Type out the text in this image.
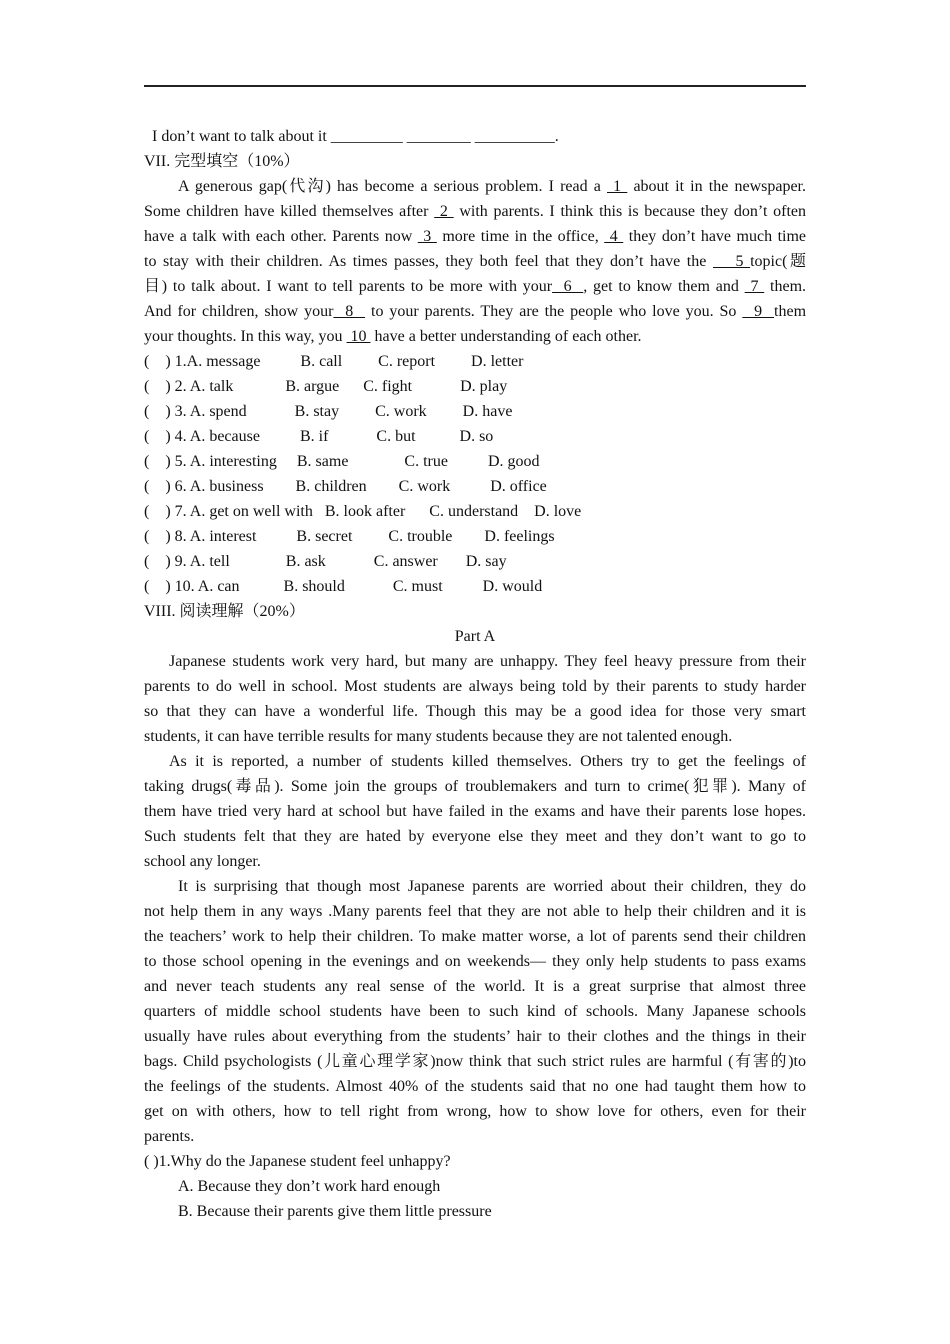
I don’t want to talk about it _________ ________ __________.
VII. 完型填空（10%）
A generous gap(代沟) has become a serious problem. I read a  1  about it in the newspaper.
Some children have killed themselves after  2  with parents. I think this is because they don’t often
have a talk with each other. Parents now  3  more time in the office,  4  they don’t have much time
to stay with their children. As times passes, they both feel that they don’t have the  __5 topic(题
目) to talk about. I want to tell parents to be more with your  6  , get to know them and  7  them.
And for children, show your  8   to your parents. They are the people who love you. So   9  them
your thoughts. In this way, you  10  have a better understanding of each other.
(    ) 1.A. message          B. call         C. report         D. letter
(    ) 2. A. talk             B. argue      C. fight            D. play
(    ) 3. A. spend            B. stay         C. work         D. have
(    ) 4. A. because          B. if            C. but           D. so
(    ) 5. A. interesting     B. same              C. true          D. good
(    ) 6. A. business        B. children        C. work          D. office
(    ) 7. A. get on well with   B. look after      C. understand    D. love
(    ) 8. A. interest          B. secret         C. trouble        D. feelings
(    ) 9. A. tell              B. ask            C. answer       D. say
(    ) 10. A. can           B. should            C. must          D. would
VIII. 阅读理解（20%）
Part A
Japanese students work very hard, but many are unhappy. They feel heavy pressure from their
parents to do well in school. Most students are always being told by their parents to study harder
so that they can have a wonderful life. Though this may be a good idea for those very smart
students, it can have terrible results for many students because they are not talented enough.
As it is reported, a number of students killed themselves. Others try to get the feelings of
taking drugs(毒品). Some join the groups of troublemakers and turn to crime(犯罪). Many of
them have tried very hard at school but have failed in the exams and have their parents lose hopes.
Such students felt that they are hated by everyone else they meet and they don’t want to go to
school any longer.
It is surprising that though most Japanese parents are worried about their children, they do
not help them in any ways .Many parents feel that they are not able to help their children and it is
the teachers’ work to help their children. To make matter worse, a lot of parents send their children
to those school opening in the evenings and on weekends— they only help students to pass exams
and never teach students any real sense of the world. It is a great surprise that almost three
quarters of middle school students have been to such kind of schools. Many Japanese schools
usually have rules about everything from the students’ hair to their clothes and the things in their
bags. Child psychologists (儿童心理学家)now think that such strict rules are harmful (有害的)to
the feelings of the students. Almost 40% of the students said that no one had taught them how to
get on with others, how to tell right from wrong, how to show love for others, even for their
parents.
( )1.Why do the Japanese student feel unhappy?
A. Because they don’t work hard enough
B. Because their parents give them little pressure
